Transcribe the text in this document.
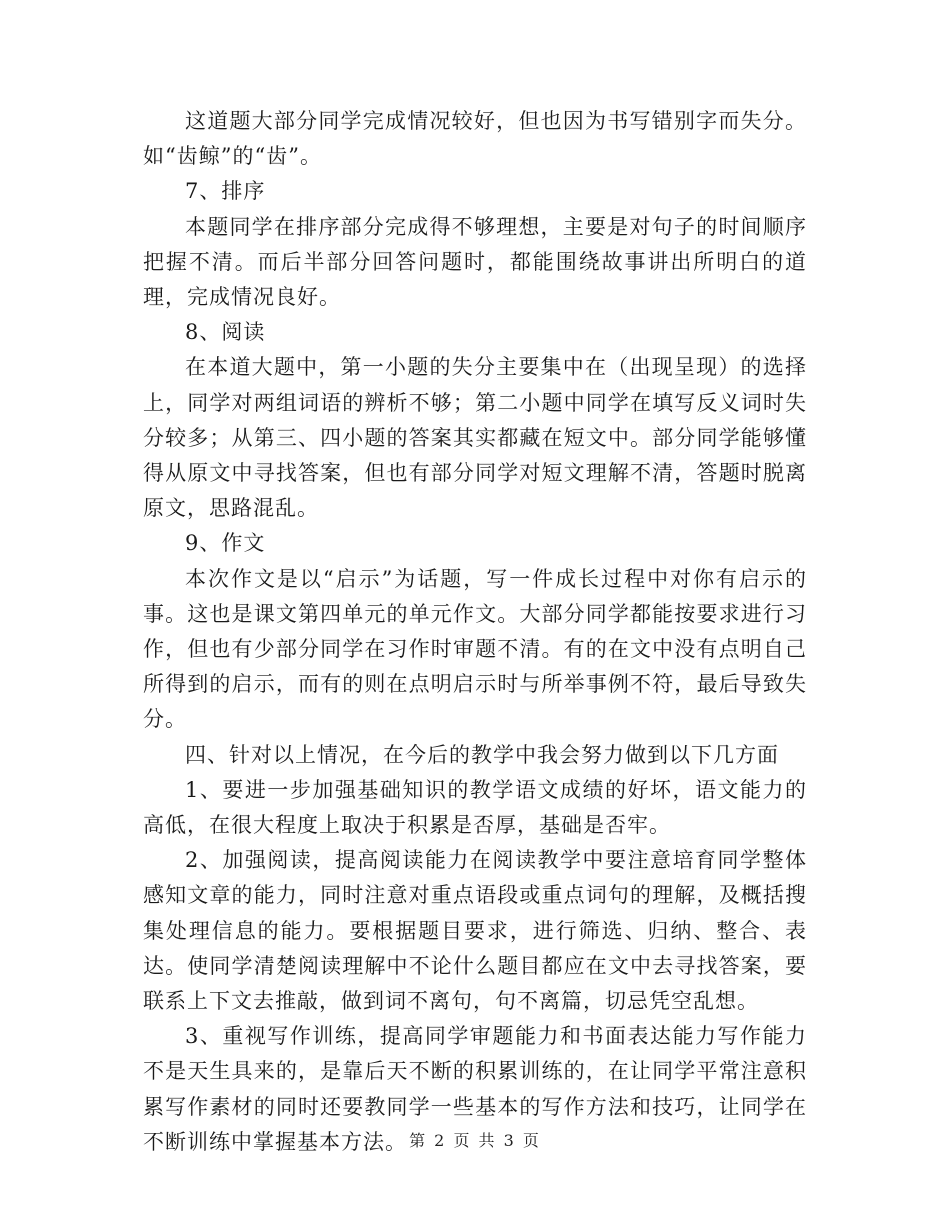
这道题大部分同学完成情况较好，但也因为书写错别字而失分。如“齿鲸”的“齿”。

7、排序

本题同学在排序部分完成得不够理想，主要是对句子的时间顺序把握不清。而后半部分回答问题时，都能围绕故事讲出所明白的道理，完成情况良好。

8、阅读

在本道大题中，第一小题的失分主要集中在（出现呈现）的选择上，同学对两组词语的辨析不够；第二小题中同学在填写反义词时失分较多；从第三、四小题的答案其实都藏在短文中。部分同学能够懂得从原文中寻找答案，但也有部分同学对短文理解不清，答题时脱离原文，思路混乱。

9、作文

本次作文是以“启示”为话题，写一件成长过程中对你有启示的事。这也是课文第四单元的单元作文。大部分同学都能按要求进行习作，但也有少部分同学在习作时审题不清。有的在文中没有点明自己所得到的启示，而有的则在点明启示时与所举事例不符，最后导致失分。

四、针对以上情况，在今后的教学中我会努力做到以下几方面

1、要进一步加强基础知识的教学语文成绩的好坏，语文能力的高低，在很大程度上取决于积累是否厚，基础是否牢。

2、加强阅读，提高阅读能力在阅读教学中要注意培育同学整体感知文章的能力，同时注意对重点语段或重点词句的理解，及概括搜集处理信息的能力。要根据题目要求，进行筛选、归纳、整合、表达。使同学清楚阅读理解中不论什么题目都应在文中去寻找答案，要联系上下文去推敲，做到词不离句，句不离篇，切忌凭空乱想。

3、重视写作训练，提高同学审题能力和书面表达能力写作能力不是天生具来的，是靠后天不断的积累训练的，在让同学平常注意积累写作素材的同时还要教同学一些基本的写作方法和技巧，让同学在不断训练中掌握基本方法。 第 2 页 共 3 页
